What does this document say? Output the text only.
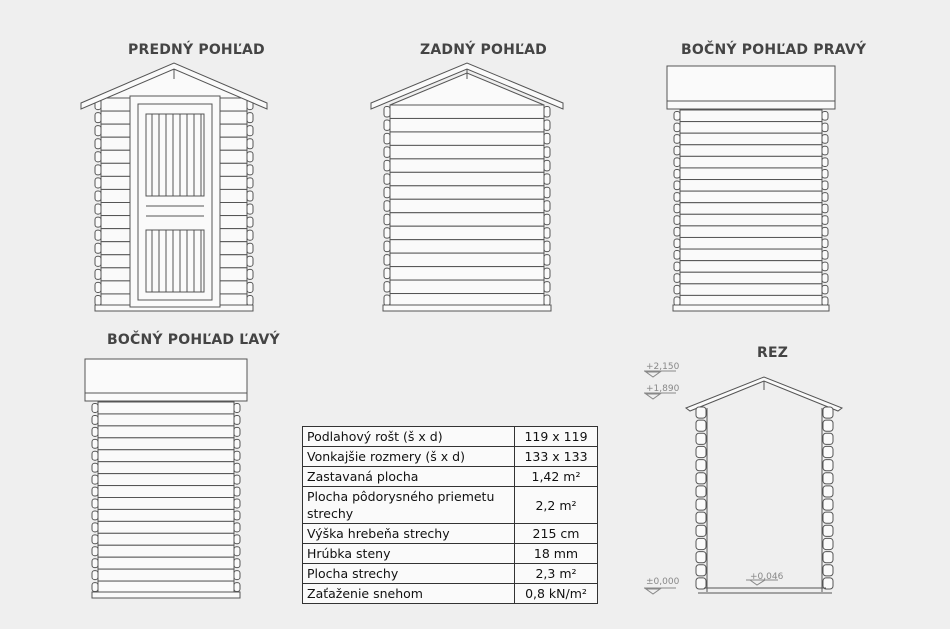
PREDNÝ POHĽAD	ZADNÝ POHĽAD	BOČNÝ POHĽAD PRAVÝ
BOČNÝ POHĽAD ĽAVÝ
REZ
+2,150
+1,890
±0,000	+0,046
Podlahový rošt (š x d)	119 x 119
Vonkajšie rozmery (š x d)	133 x 133
Zastavaná plocha	1,42 m²
Plocha pôdorysného priemetu strechy	2,2 m²
Výška hrebeňa strechy	215 cm
Hrúbka steny	18 mm
Plocha strechy	2,3 m²
Zaťaženie snehom	0,8 kN/m²
